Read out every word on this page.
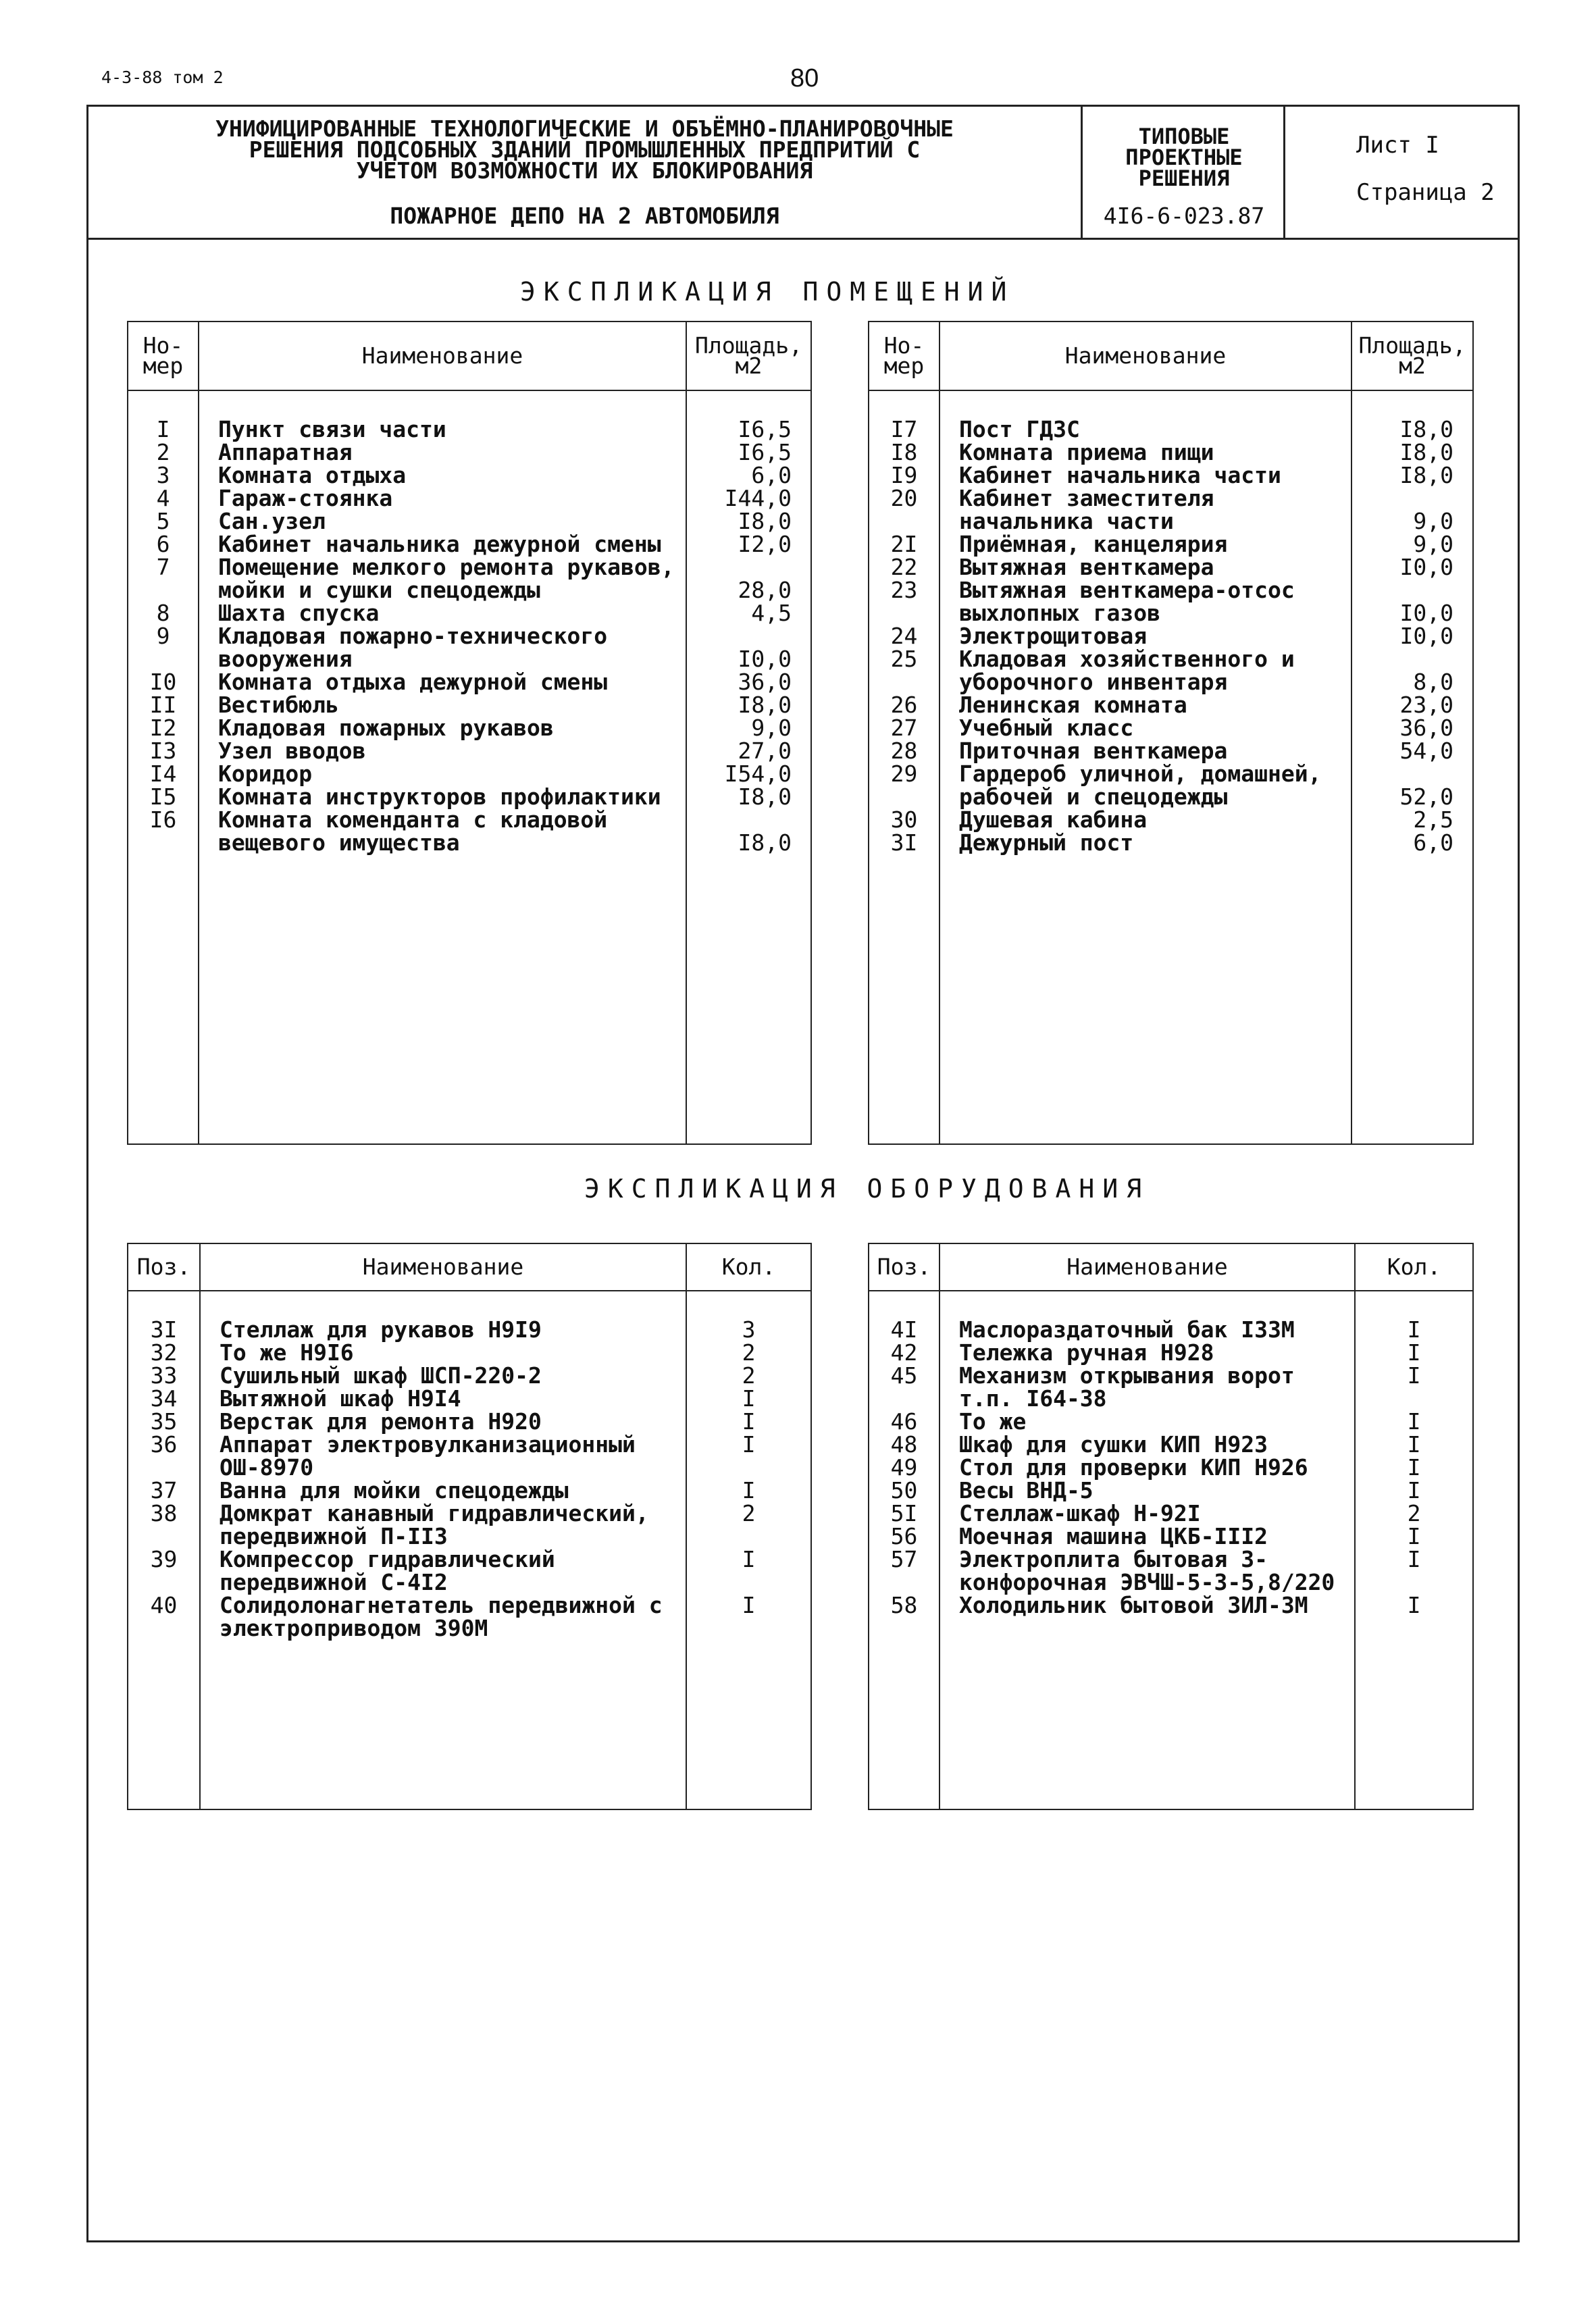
4-3-88 том 2	80
УНИФИЦИРОВАННЫЕ ТЕХНОЛОГИЧЕСКИЕ И ОБЪЁМНО-ПЛАНИРОВОЧНЫЕ
РЕШЕНИЯ ПОДСОБНЫХ ЗДАНИЙ ПРОМЫШЛЕННЫХ ПРЕДПРИТИЙ С
УЧЕТОМ ВОЗМОЖНОСТИ ИХ БЛОКИРОВАНИЯ
ПОЖАРНОЕ ДЕПО НА 2 АВТОМОБИЛЯ
ТИПОВЫЕ
ПРОЕКТНЫЕ
РЕШЕНИЯ
4I6-6-023.87
Лист I
Страница 2
ЭКСПЛИКАЦИЯ ПОМЕЩЕНИЙ
Но-
мер	Наименование	Площадь,
м2
I	Пункт связи части	I6,5
2	Аппаратная	I6,5
3	Комната отдыха	6,0
4	Гараж-стоянка	I44,0
5	Сан.узел	I8,0
6	Кабинет начальника дежурной смены	I2,0
7	Помещение мелкого ремонта рукавов, мойки и сушки спецодежды	28,0
8	Шахта спуска	4,5
9	Кладовая пожарно-технического вооружения	I0,0
I0	Комната отдыха дежурной смены	36,0
II	Вестибюль	I8,0
I2	Кладовая пожарных рукавов	9,0
I3	Узел вводов	27,0
I4	Коридор	I54,0
I5	Комната инструкторов профилактики	I8,0
I6	Комната коменданта с кладовой вещевого имущества	I8,0

Но-
мер	Наименование	Площадь,
м2
I7	Пост ГДЗС	I8,0
I8	Комната приема пищи	I8,0
I9	Кабинет начальника части	I8,0
20	Кабинет заместителя начальника части	9,0
2I	Приёмная, канцелярия	9,0
22	Вытяжная венткамера	I0,0
23	Вытяжная венткамера-отсос выхлопных газов	I0,0
24	Электрощитовая	I0,0
25	Кладовая хозяйственного и уборочного инвентаря	8,0
26	Ленинская комната	23,0
27	Учебный класс	36,0
28	Приточная венткамера	54,0
29	Гардероб уличной, домашней, рабочей и спецодежды	52,0
30	Душевая кабина	2,5
3I	Дежурный пост	6,0

ЭКСПЛИКАЦИЯ ОБОРУДОВАНИЯ
Поз.	Наименование	Кол.
3I	Стеллаж для рукавов Н9I9	3
32	То же Н9I6	2
33	Сушильный шкаф ШСП-220-2	2
34	Вытяжной шкаф Н9I4	I
35	Верстак для ремонта Н920	I
36	Аппарат электровулканизационный ОШ-8970	I
37	Ванна для мойки спецодежды	I
38	Домкрат канавный гидравлический, передвижной П-II3	2
39	Компрессор гидравлический передвижной С-4I2	I
40	Солидолонагнетатель передвижной с электроприводом 390М	I

Поз.	Наименование	Кол.
4I	Маслораздаточный бак I33М	I
42	Тележка ручная Н928	I
45	Механизм открывания ворот т.п. I64-38	I
46	То же	I
48	Шкаф для сушки КИП Н923	I
49	Стол для проверки КИП Н926	I
50	Весы ВНД-5	I
5I	Стеллаж-шкаф Н-92I	2
56	Моечная машина ЦКБ-III2	I
57	Электроплита бытовая 3-конфорочная ЭВЧШ-5-3-5,8/220	I
58	Холодильник бытовой ЗИЛ-3М	I
